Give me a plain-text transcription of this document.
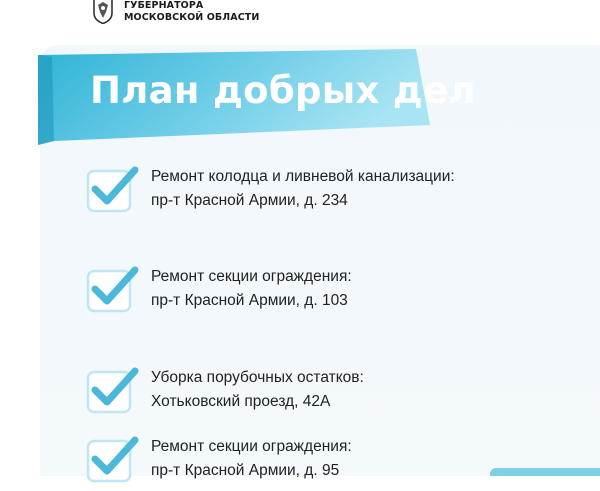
ГУБЕРНАТОРА
МОСКОВСКОЙ ОБЛАСТИ
План добрых дел
Ремонт колодца и ливневой канализации:
пр-т Красной Армии, д. 234
Ремонт секции ограждения:
пр-т Красной Армии, д. 103
Уборка порубочных остатков:
Хотьковский проезд, 42А
Ремонт секции ограждения:
пр-т Красной Армии, д. 95
